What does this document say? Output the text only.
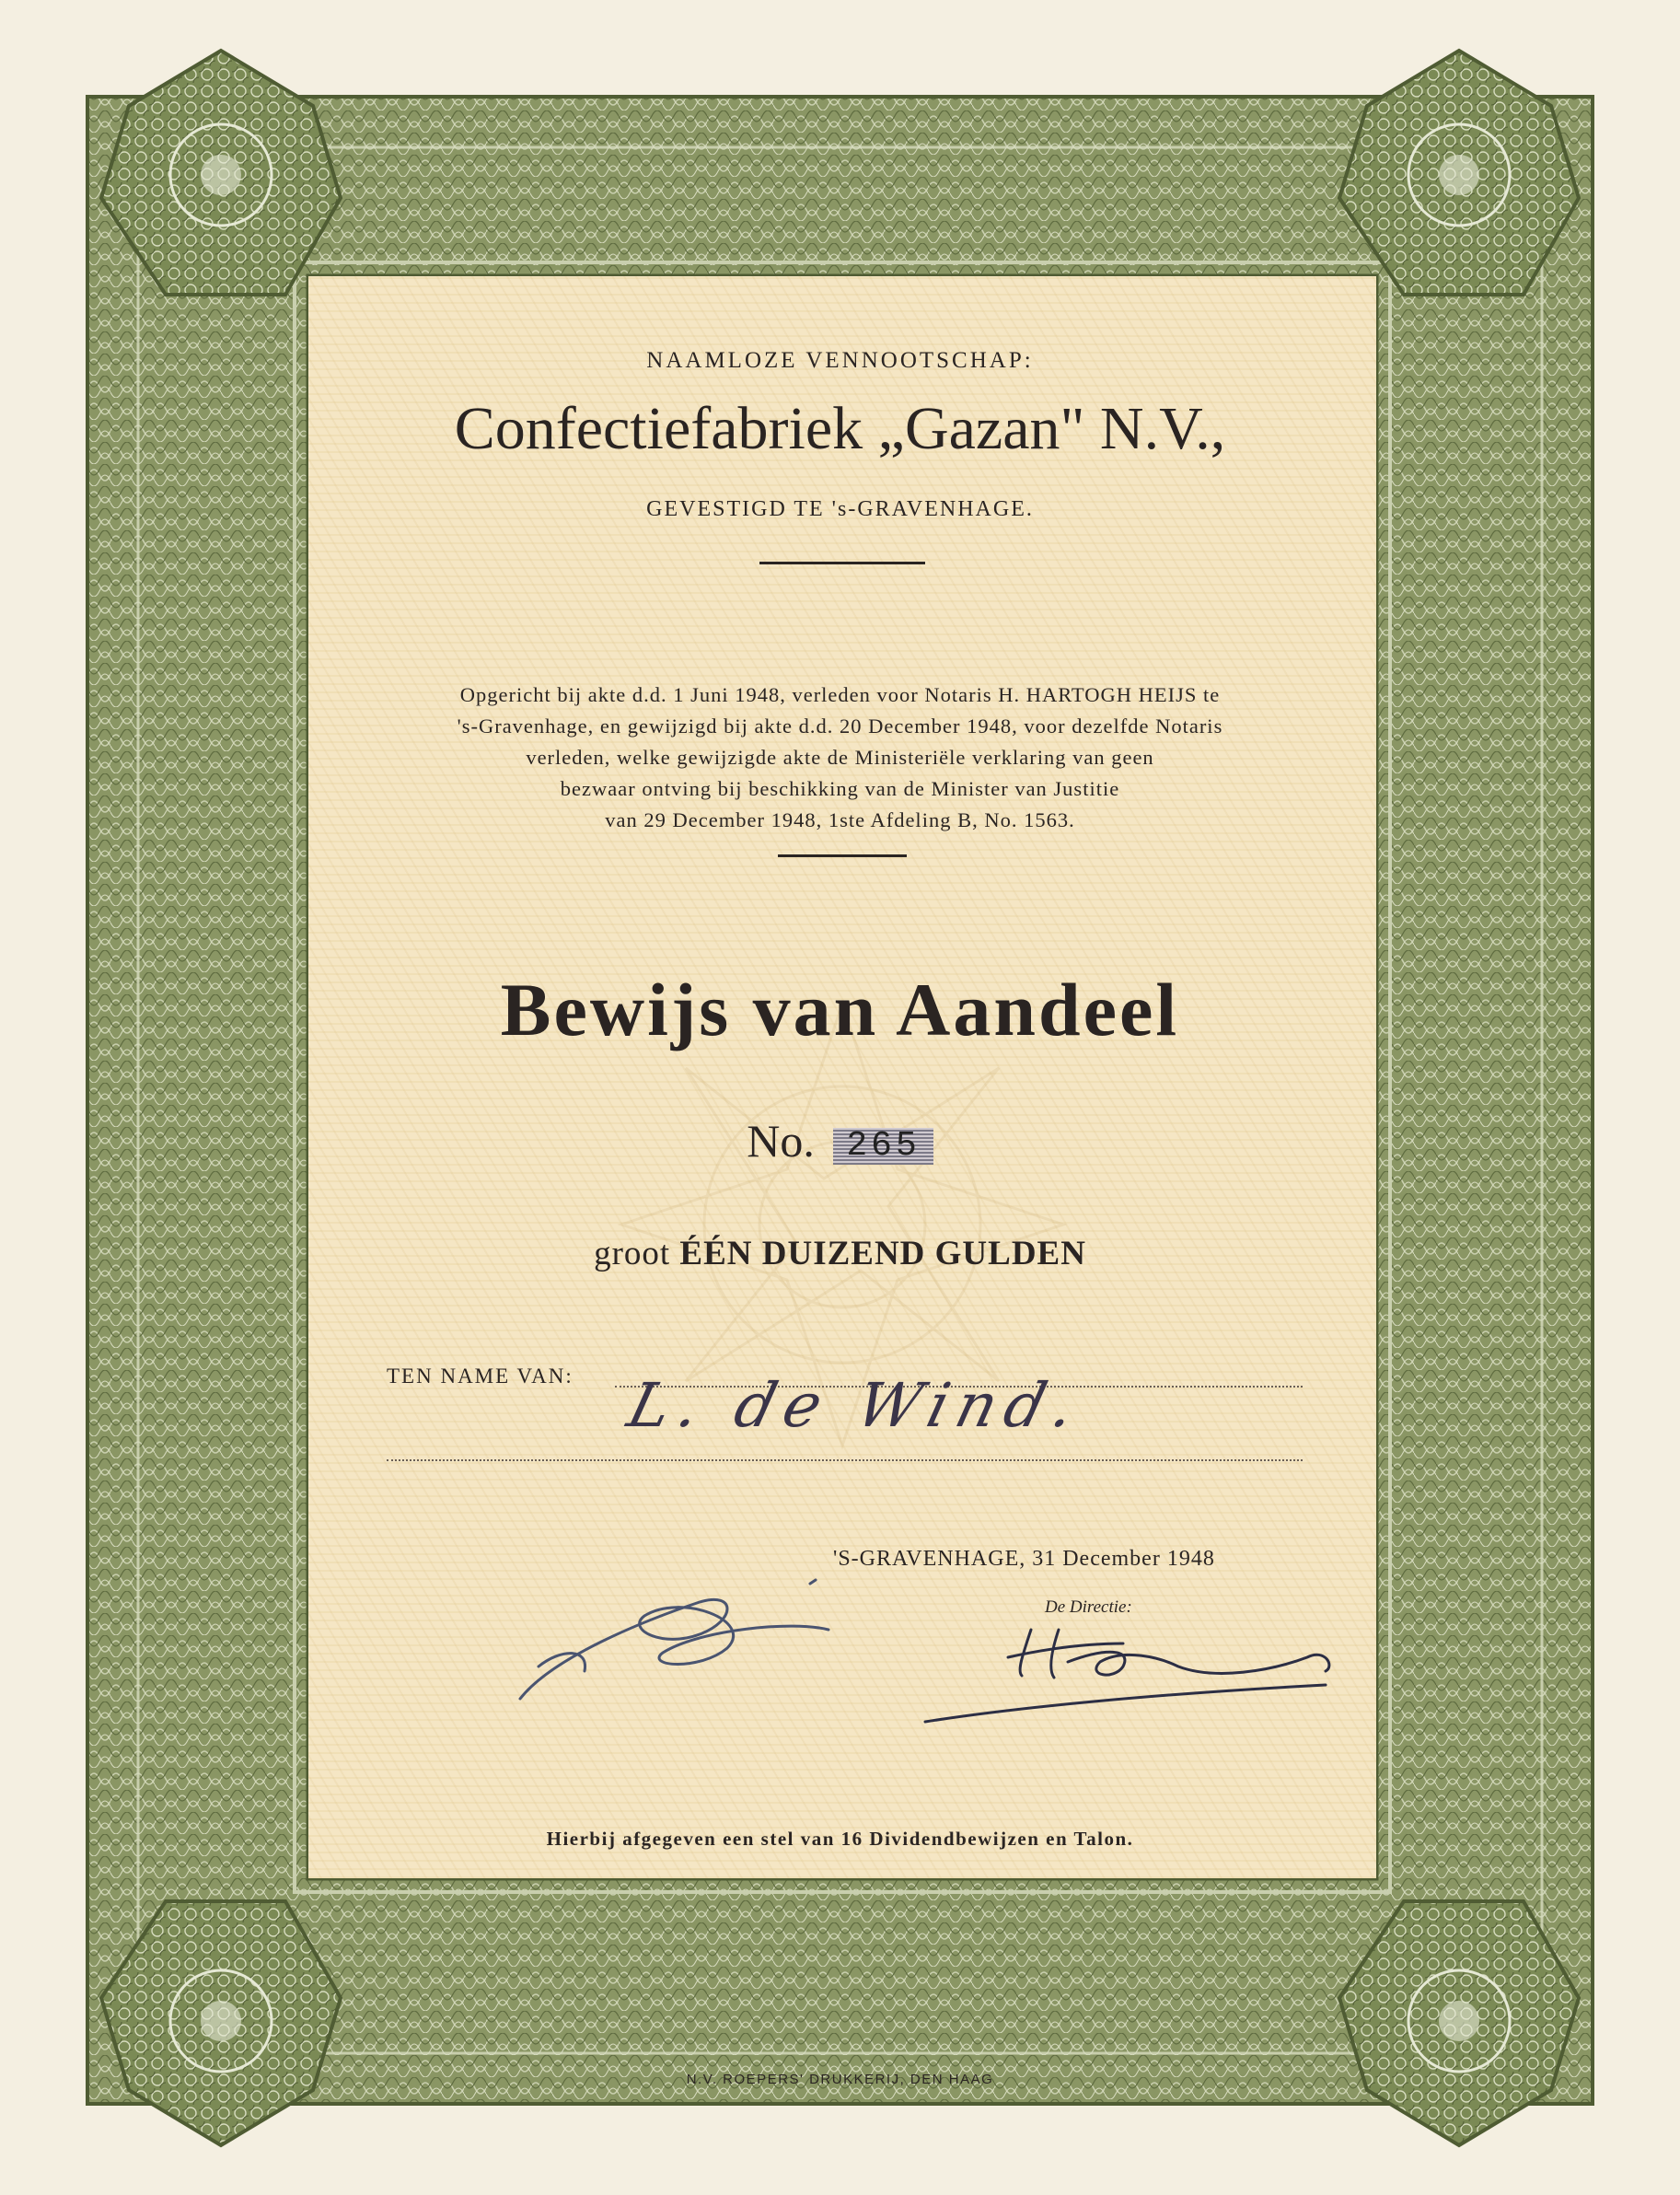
NAAMLOZE VENNOOTSCHAP:
Confectiefabriek „Gazan" N.V.,
GEVESTIGD TE 's-GRAVENHAGE.
Opgericht bij akte d.d. 1 Juni 1948, verleden voor Notaris H. HARTOGH HEIJS te
's-Gravenhage, en gewijzigd bij akte d.d. 20 December 1948, voor dezelfde Notaris
verleden, welke gewijzigde akte de Ministeriële verklaring van geen
bezwaar ontving bij beschikking van de Minister van Justitie
van 29 December 1948, 1ste Afdeling B, No. 1563.
Bewijs van Aandeel
No. 265
groot ÉÉN DUIZEND GULDEN
TEN NAME VAN: L. de Wind.
'S-GRAVENHAGE, 31 December 1948
De Directie:
Hierbij afgegeven een stel van 16 Dividendbewijzen en Talon.
N.V. ROEPERS' DRUKKERIJ, DEN HAAG
